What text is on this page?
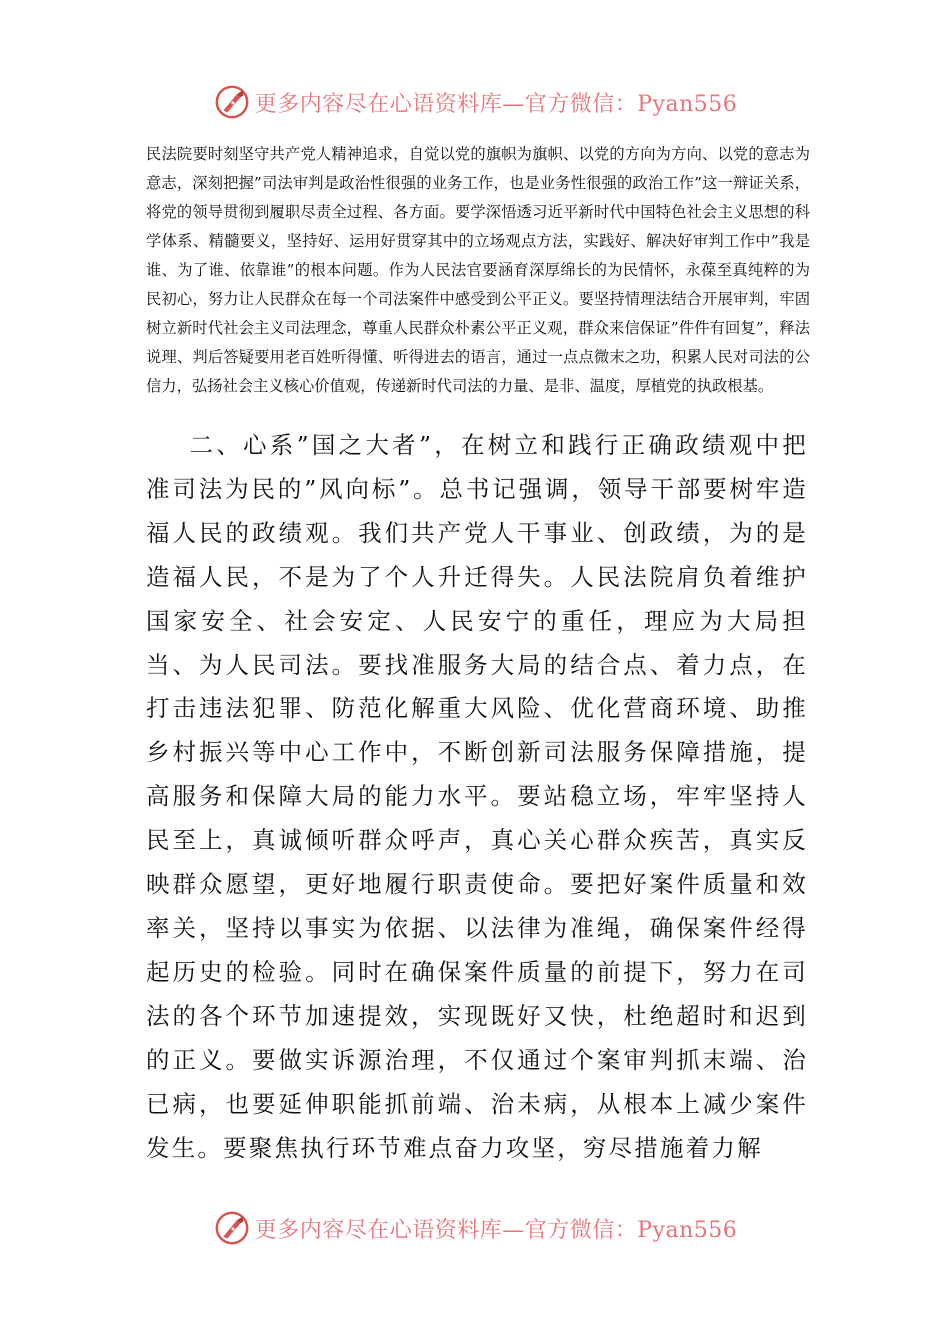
更多内容尽在心语资料库—官方微信：Pyan556

民法院要时刻坚守共产党人精神追求，自觉以党的旗帜为旗帜、以党的方向为方向、以党的意志为意志，深刻把握”司法审判是政治性很强的业务工作，也是业务性很强的政治工作”这一辩证关系，将党的领导贯彻到履职尽责全过程、各方面。要学深悟透习近平新时代中国特色社会主义思想的科学体系、精髓要义，坚持好、运用好贯穿其中的立场观点方法，实践好、解决好审判工作中”我是谁、为了谁、依靠谁”的根本问题。作为人民法官要涵育深厚绵长的为民情怀，永葆至真纯粹的为民初心，努力让人民群众在每一个司法案件中感受到公平正义。要坚持情理法结合开展审判，牢固树立新时代社会主义司法理念，尊重人民群众朴素公平正义观，群众来信保证”件件有回复”，释法说理、判后答疑要用老百姓听得懂、听得进去的语言，通过一点点微末之功，积累人民对司法的公信力，弘扬社会主义核心价值观，传递新时代司法的力量、是非、温度，厚植党的执政根基。

二、心系”国之大者”，在树立和践行正确政绩观中把准司法为民的”风向标”。总书记强调，领导干部要树牢造福人民的政绩观。我们共产党人干事业、创政绩，为的是造福人民，不是为了个人升迁得失。人民法院肩负着维护国家安全、社会安定、人民安宁的重任，理应为大局担当、为人民司法。要找准服务大局的结合点、着力点，在打击违法犯罪、防范化解重大风险、优化营商环境、助推乡村振兴等中心工作中，不断创新司法服务保障措施，提高服务和保障大局的能力水平。要站稳立场，牢牢坚持人民至上，真诚倾听群众呼声，真心关心群众疾苦，真实反映群众愿望，更好地履行职责使命。要把好案件质量和效率关，坚持以事实为依据、以法律为准绳，确保案件经得起历史的检验。同时在确保案件质量的前提下，努力在司法的各个环节加速提效，实现既好又快，杜绝超时和迟到的正义。要做实诉源治理，不仅通过个案审判抓末端、治已病，也要延伸职能抓前端、治未病，从根本上减少案件发生。要聚焦执行环节难点奋力攻坚，穷尽措施着力解

更多内容尽在心语资料库—官方微信：Pyan556
